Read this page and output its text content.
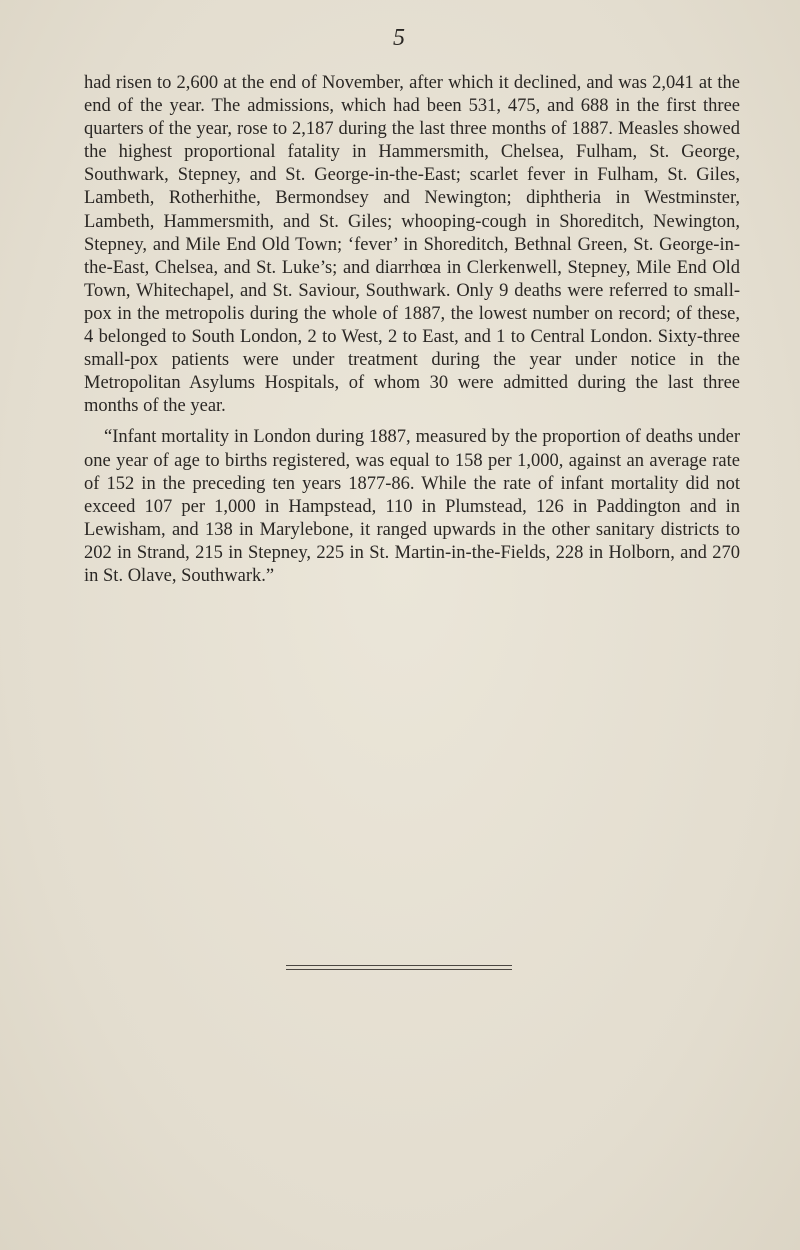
5

had risen to 2,600 at the end of November, after which it declined, and was 2,041 at the end of the year. The admissions, which had been 531, 475, and 688 in the first three quarters of the year, rose to 2,187 during the last three months of 1887. Measles showed the highest proportional fatality in Hammersmith, Chelsea, Fulham, St. George, Southwark, Stepney, and St. George-in-the-East; scarlet fever in Fulham, St. Giles, Lambeth, Rotherhithe, Bermondsey and Newington; diphtheria in Westminster, Lambeth, Hammersmith, and St. Giles; whooping-cough in Shoreditch, Newington, Stepney, and Mile End Old Town; ‘fever’ in Shoreditch, Bethnal Green, St. George-in-the-East, Chelsea, and St. Luke’s; and diarrhœa in Clerkenwell, Stepney, Mile End Old Town, Whitechapel, and St. Saviour, Southwark. Only 9 deaths were referred to small-pox in the metropolis during the whole of 1887, the lowest number on record; of these, 4 belonged to South London, 2 to West, 2 to East, and 1 to Central London. Sixty-three small-pox patients were under treatment during the year under notice in the Metropolitan Asylums Hospitals, of whom 30 were admitted during the last three months of the year.

“Infant mortality in London during 1887, measured by the proportion of deaths under one year of age to births registered, was equal to 158 per 1,000, against an average rate of 152 in the preceding ten years 1877-86. While the rate of infant mortality did not exceed 107 per 1,000 in Hampstead, 110 in Plumstead, 126 in Paddington and in Lewisham, and 138 in Marylebone, it ranged upwards in the other sanitary districts to 202 in Strand, 215 in Stepney, 225 in St. Martin-in-the-Fields, 228 in Holborn, and 270 in St. Olave, Southwark.”
